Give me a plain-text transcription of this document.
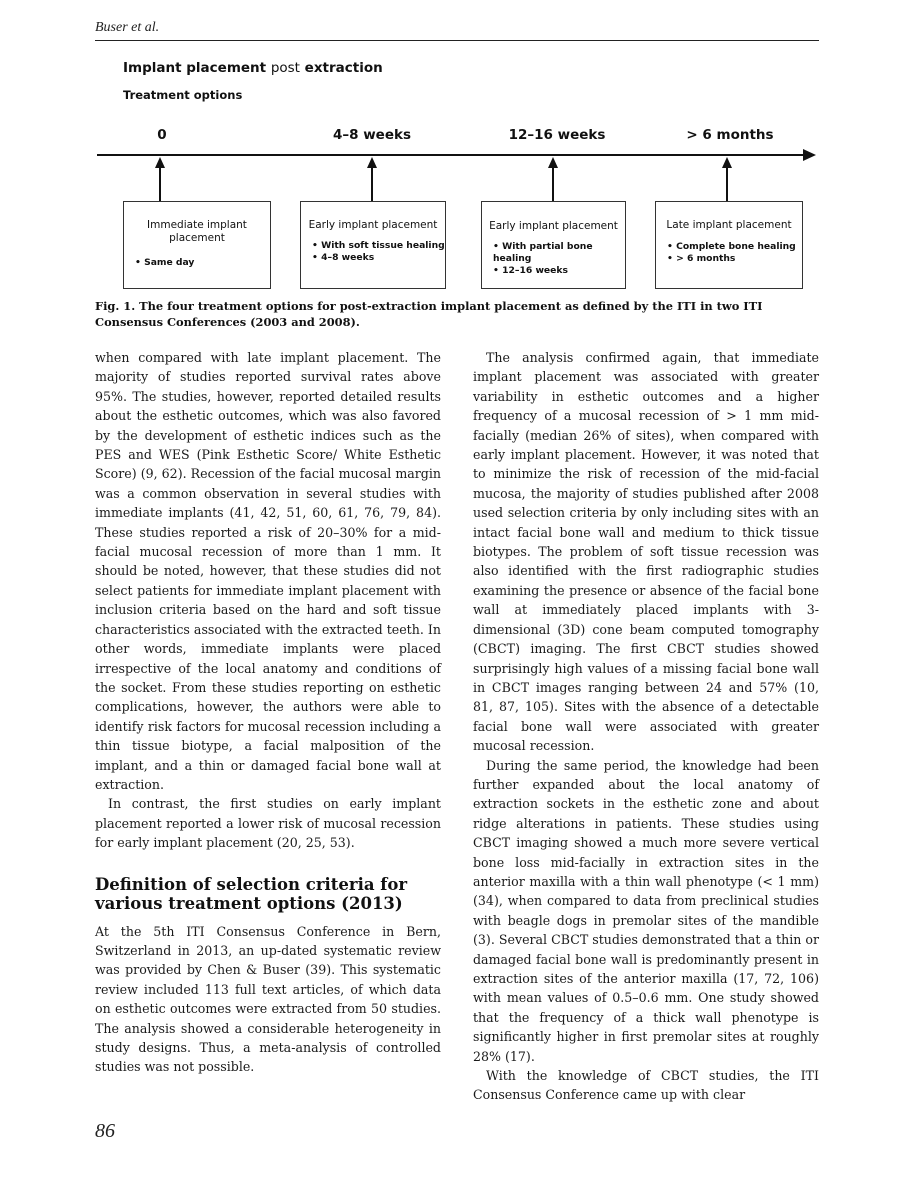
Buser et al.
Implant placement post extraction
Treatment options
0	4–8 weeks	12–16 weeks	> 6 months
Immediate implant placement
• Same day
Early implant placement
• With soft tissue healing
• 4–8 weeks
Early implant placement
• With partial bone healing
• 12–16 weeks
Late implant placement
• Complete bone healing
• > 6 months
Fig. 1. The four treatment options for post-extraction implant placement as defined by the ITI in two ITI Consensus Conferences (2003 and 2008).

when compared with late implant placement. The majority of studies reported survival rates above 95%. The studies, however, reported detailed results about the esthetic outcomes, which was also favored by the development of esthetic indices such as the PES and WES (Pink Esthetic Score/ White Esthetic Score) (9, 62). Recession of the facial mucosal margin was a common observation in several studies with immediate implants (41, 42, 51, 60, 61, 76, 79, 84). These studies reported a risk of 20–30% for a mid-facial mucosal recession of more than 1 mm. It should be noted, however, that these studies did not select patients for immediate implant placement with inclusion criteria based on the hard and soft tissue characteristics associated with the extracted teeth. In other words, immediate implants were placed irrespective of the local anatomy and conditions of the socket. From these studies reporting on esthetic complications, however, the authors were able to identify risk factors for mucosal recession including a thin tissue biotype, a facial malposition of the implant, and a thin or damaged facial bone wall at extraction.

In contrast, the first studies on early implant placement reported a lower risk of mucosal recession for early implant placement (20, 25, 53).

Definition of selection criteria for various treatment options (2013)

At the 5th ITI Consensus Conference in Bern, Switzerland in 2013, an up-dated systematic review was provided by Chen & Buser (39). This systematic review included 113 full text articles, of which data on esthetic outcomes were extracted from 50 studies. The analysis showed a considerable heterogeneity in study designs. Thus, a meta-analysis of controlled studies was not possible.

The analysis confirmed again, that immediate implant placement was associated with greater variability in esthetic outcomes and a higher frequency of a mucosal recession of > 1 mm mid-facially (median 26% of sites), when compared with early implant placement. However, it was noted that to minimize the risk of recession of the mid-facial mucosa, the majority of studies published after 2008 used selection criteria by only including sites with an intact facial bone wall and medium to thick tissue biotypes. The problem of soft tissue recession was also identified with the first radiographic studies examining the presence or absence of the facial bone wall at immediately placed implants with 3-dimensional (3D) cone beam computed tomography (CBCT) imaging. The first CBCT studies showed surprisingly high values of a missing facial bone wall in CBCT images ranging between 24 and 57% (10, 81, 87, 105). Sites with the absence of a detectable facial bone wall were associated with greater mucosal recession.

During the same period, the knowledge had been further expanded about the local anatomy of extraction sockets in the esthetic zone and about ridge alterations in patients. These studies using CBCT imaging showed a much more severe vertical bone loss mid-facially in extraction sites in the anterior maxilla with a thin wall phenotype (< 1 mm) (34), when compared to data from preclinical studies with beagle dogs in premolar sites of the mandible (3). Several CBCT studies demonstrated that a thin or damaged facial bone wall is predominantly present in extraction sites of the anterior maxilla (17, 72, 106) with mean values of 0.5–0.6 mm. One study showed that the frequency of a thick wall phenotype is significantly higher in first premolar sites at roughly 28% (17).

With the knowledge of CBCT studies, the ITI Consensus Conference came up with clear

86
